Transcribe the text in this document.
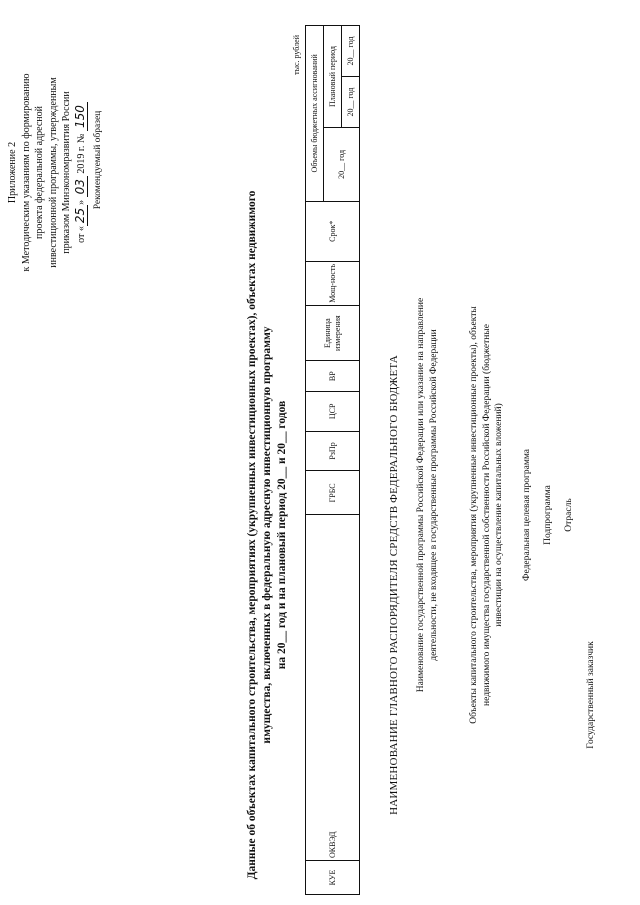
Приложение 2 к Методическим указаниям по формированию проекта федеральной адресной инвестиционной программы, утвержденным приказом Минэкономразвития России от «25» 03 2019 г. № 150 Рекомендуемый образец
Данные об объектах капитального строительства, мероприятиях (укрупненных инвестиционных проектах), объектах недвижимого имущества, включенных в федеральную адресную инвестиционную программу на 20__ год и на плановый период 20__ и 20__ годов
тыс. рублей
КУЕ	ОКВЭД	ГРБС	РзПр	ЦСР	ВР	Единица измерения	Мощ-ность	Срок*	Объемы бюджетных ассигнований		
									20__ год	Плановый период	
										20__ год	20__ год
НАИМЕНОВАНИЕ ГЛАВНОГО РАСПОРЯДИТЕЛЯ СРЕДСТВ ФЕДЕРАЛЬНОГО БЮДЖЕТА Наименование государственной программы Российской Федерации или указание на направление деятельности, не входящее в государственные программы Российской Федерации	Объекты капитального строительства, мероприятия (укрупненные инвестиционные проекты), объекты недвижимого имущества государственной собственности Российской Федерации (бюджетные инвестиции на осуществление капитальных вложений) Федеральная целевая программа Подпрограмма Отрасль
Государственный заказчик
